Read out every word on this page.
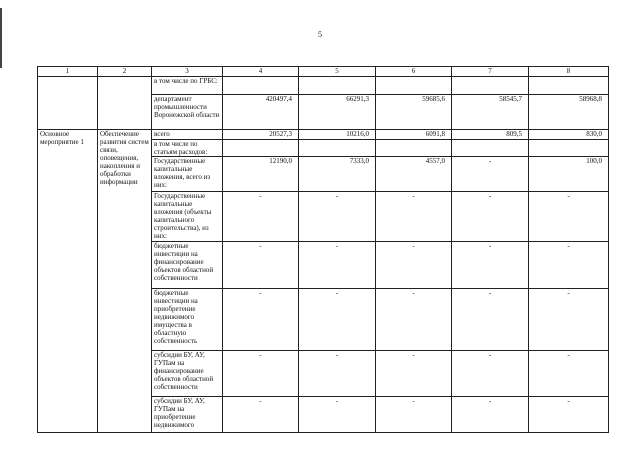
5
1	2	3	4	5	6	7	8
		в том числе по ГРБС:					
		департамент промышленности Воронежской области	420497,4	66291,3	59685,6	58545,7	58968,8
Основное мероприятие 1	Обеспечение развития систем связи, оповещения, накопления и обработки информации	всего	20527,3	10216,0	6091,8	809,5	830,0
		в том числе по статьям расходов:					
		Государственные капитальные вложения, всего из них:	12190,0	7333,0	4557,0	-	100,0
		Государственные капитальные вложения (объекты капитального строительства), из них:	-	-	-	-	-
		бюджетные инвестиции на финансирование объектов областной собственности	-	-	-	-	-
		бюджетные инвестиции на приобретение недвижимого имущества в областную собственность	-	-	-	-	-
		субсидии БУ, АУ, ГУПам на финансирование объектов областной собственности	-	-	-	-	-
		субсидии БУ, АУ, ГУПам на приобретение недвижимого	-	-	-	-	-
